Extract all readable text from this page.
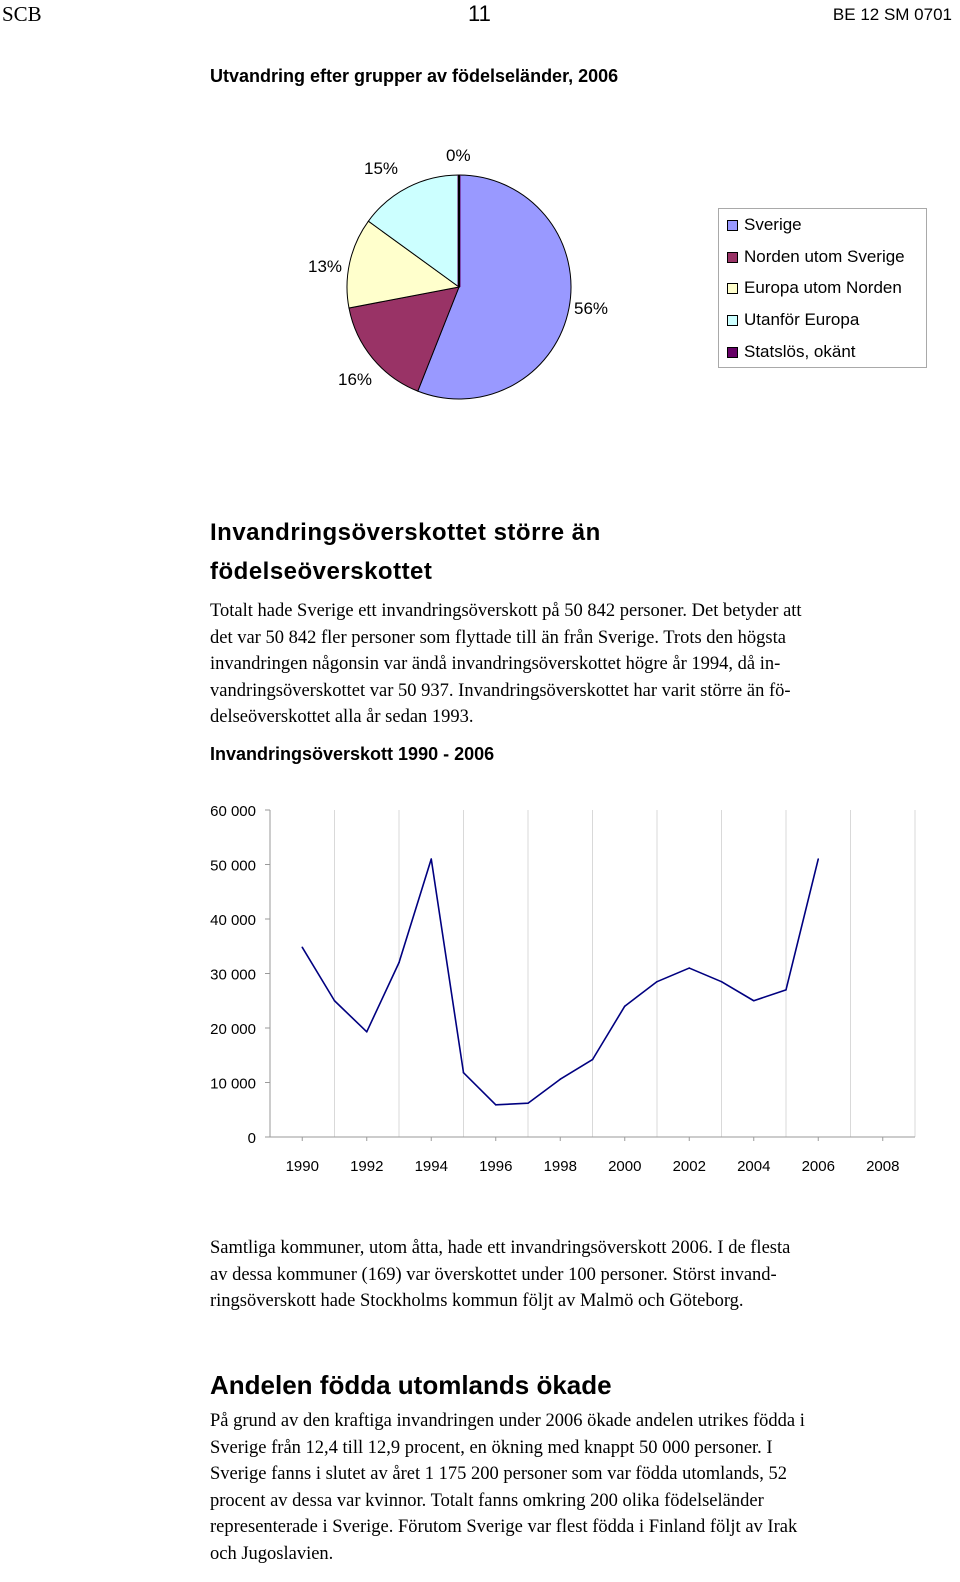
SCB	11	BE 12 SM 0701
Utvandring efter grupper av födelseländer, 2006
56%
16%
13%
15%
0%
Sverige
Norden utom Sverige
Europa utom Norden
Utanför Europa
Statslös, okänt
Invandringsöverskottet större än
födelseöverskottet
Totalt hade Sverige ett invandringsöverskott på 50 842 personer. Det betyder att
det var 50 842 fler personer som flyttade till än från Sverige. Trots den högsta
invandringen någonsin var ändå invandringsöverskottet högre år 1994, då in-
vandringsöverskottet var 50 937. Invandringsöverskottet har varit större än fö-
delseöverskottet alla år sedan 1993.
Invandringsöverskott 1990 - 2006
0
10 000
20 000
30 000
40 000
50 000
60 000
1990 1992 1994 1996 1998 2000 2002 2004 2006 2008
Samtliga kommuner, utom åtta, hade ett invandringsöverskott 2006. I de flesta
av dessa kommuner (169) var överskottet under 100 personer. Störst invand-
ringsöverskott hade Stockholms kommun följt av Malmö och Göteborg.
Andelen födda utomlands ökade
På grund av den kraftiga invandringen under 2006 ökade andelen utrikes födda i
Sverige från 12,4 till 12,9 procent, en ökning med knappt 50 000 personer. I
Sverige fanns i slutet av året 1 175 200 personer som var födda utomlands, 52
procent av dessa var kvinnor. Totalt fanns omkring 200 olika födelseländer
representerade i Sverige. Förutom Sverige var flest födda i Finland följt av Irak
och Jugoslavien.
